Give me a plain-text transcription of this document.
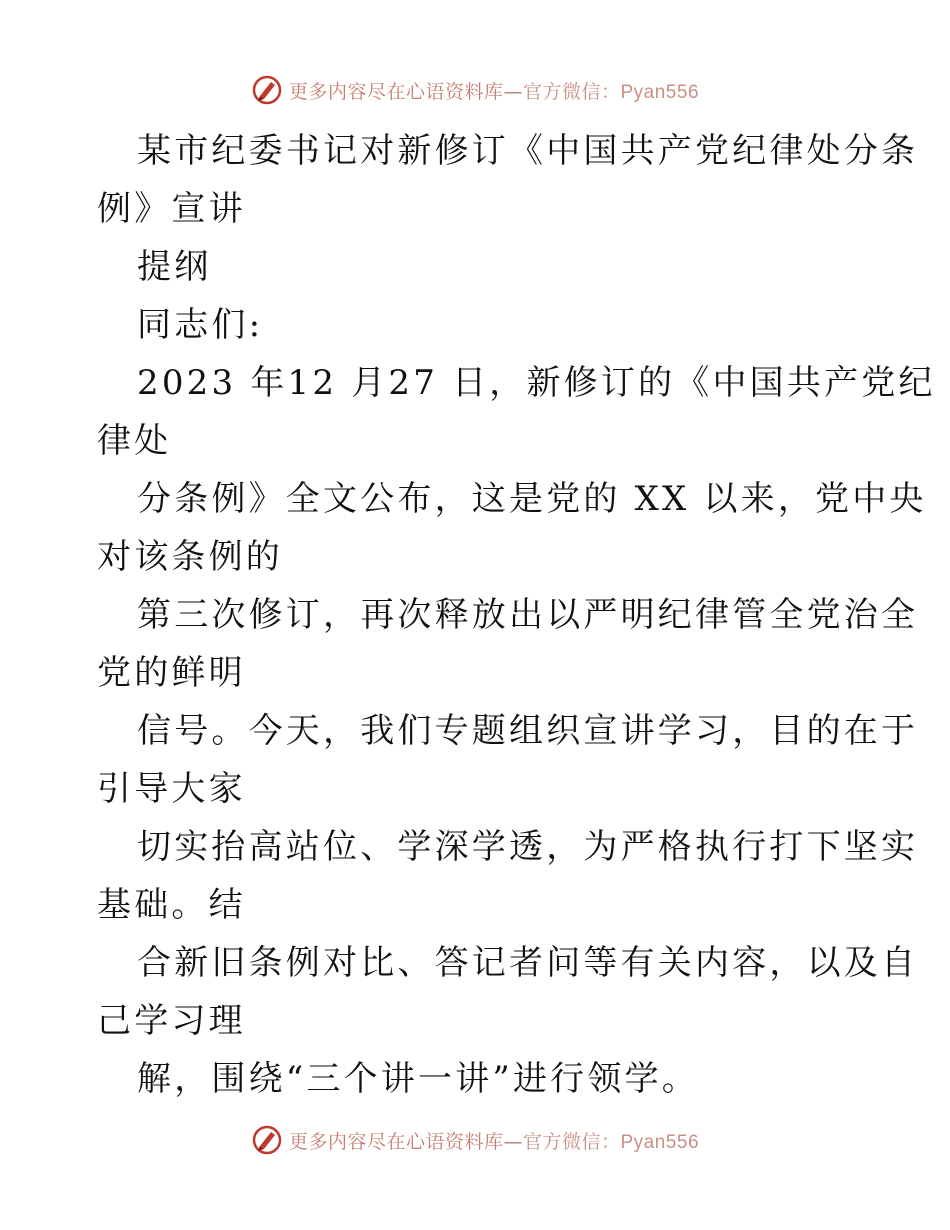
更多内容尽在心语资料库—官方微信：Pyan556

某市纪委书记对新修订《中国共产党纪律处分条

例》宣讲

提纲

同志们:

2023 年12 月27 日，新修订的《中国共产党纪

律处

分条例》全文公布，这是党的 XX 以来，党中央

对该条例的

第三次修订，再次释放出以严明纪律管全党治全

党的鲜明

信号。今天，我们专题组织宣讲学习，目的在于

引导大家

切实抬高站位、学深学透，为严格执行打下坚实

基础。结

合新旧条例对比、答记者问等有关内容，以及自

己学习理

解，围绕“三个讲一讲”进行领学。

更多内容尽在心语资料库—官方微信：Pyan556
